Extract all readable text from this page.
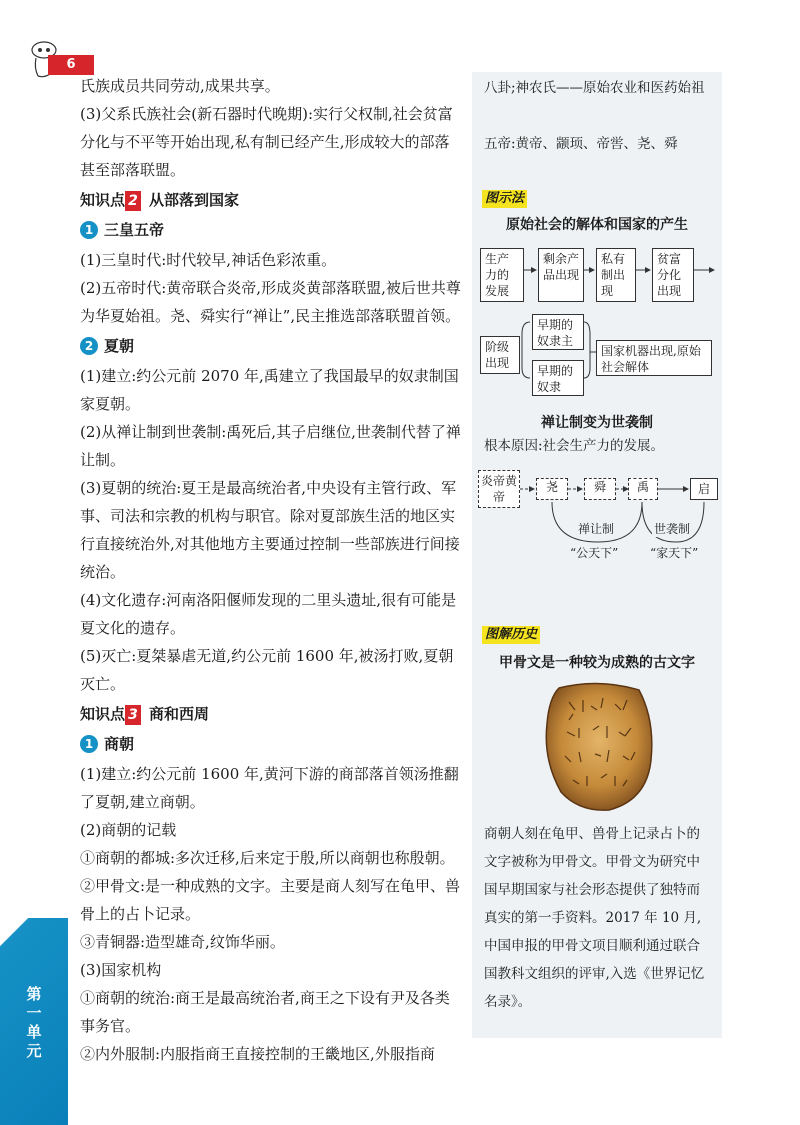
6
第一单元

氏族成员共同劳动,成果共享。

(3)父系氏族社会(新石器时代晚期):实行父权制,社会贫富分化与不平等开始出现,私有制已经产生,形成较大的部落甚至部落联盟。

知识点 2 从部落到国家
1 三皇五帝

(1)三皇时代:时代较早,神话色彩浓重。

(2)五帝时代:黄帝联合炎帝,形成炎黄部落联盟,被后世共尊为华夏始祖。尧、舜实行“禅让”,民主推选部落联盟首领。

2 夏朝

(1)建立:约公元前 2070 年,禹建立了我国最早的奴隶制国家夏朝。

(2)从禅让制到世袭制:禹死后,其子启继位,世袭制代替了禅让制。

(3)夏朝的统治:夏王是最高统治者,中央设有主管行政、军事、司法和宗教的机构与职官。除对夏部族生活的地区实行直接统治外,对其他地方主要通过控制一些部族进行间接统治。

(4)文化遗存:河南洛阳偃师发现的二里头遗址,很有可能是夏文化的遗存。

(5)灭亡:夏桀暴虐无道,约公元前 1600 年,被汤打败,夏朝灭亡。

知识点 3 商和西周
1 商朝

(1)建立:约公元前 1600 年,黄河下游的商部落首领汤推翻了夏朝,建立商朝。

(2)商朝的记载

①商朝的都城:多次迁移,后来定于殷,所以商朝也称殷朝。

②甲骨文:是一种成熟的文字。主要是商人刻写在龟甲、兽骨上的占卜记录。

③青铜器:造型雄奇,纹饰华丽。

(3)国家机构

①商朝的统治:商王是最高统治者,商王之下设有尹及各类事务官。

②内外服制:内服指商王直接控制的王畿地区,外服指商

八卦;神农氏——原始农业和医药始祖
五帝:黄帝、颛顼、帝喾、尧、舜
图示法
原始社会的解体和国家的产生
生产力的发展
剩余产品出现
私有制出现
贫富分化出现
阶级出现
早期的奴隶主
早期的奴隶
国家机器出现,原始社会解体
禅让制变为世袭制
根本原因:社会生产力的发展。
炎帝黄帝
尧	舜	禹	启
禅让制	世袭制
“公天下”	“家天下”
图解历史
甲骨文是一种较为成熟的古文字
商朝人刻在龟甲、兽骨上记录占卜的文字被称为甲骨文。甲骨文为研究中国早期国家与社会形态提供了独特而真实的第一手资料。2017 年 10 月,中国申报的甲骨文项目顺利通过联合国教科文组织的评审,入选《世界记忆名录》。
